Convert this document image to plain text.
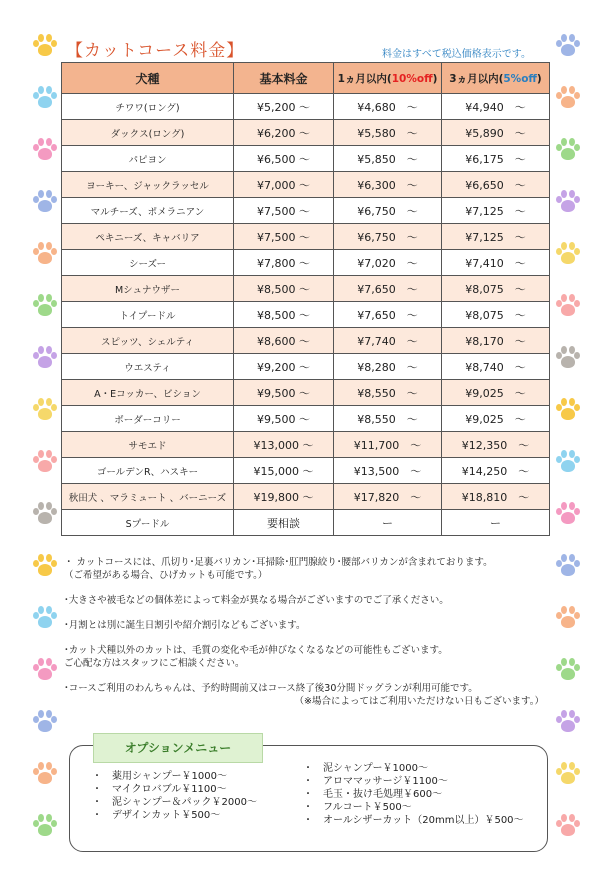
【カットコース料金】	料金はすべて税込価格表示です。
犬種	基本料金	1ヵ月以内(10%off)	3ヵ月以内(5%off)
チワワ(ロング)	¥5,200 ～	¥4,680　～	¥4,940　～
ダックス(ロング)	¥6,200 ～	¥5,580　～	¥5,890　～
パピヨン	¥6,500 ～	¥5,850　～	¥6,175　～
ヨーキー、ジャックラッセル	¥7,000 ～	¥6,300　～	¥6,650　～
マルチーズ、ポメラニアン	¥7,500 ～	¥6,750　～	¥7,125　～
ペキニーズ、キャバリア	¥7,500 ～	¥6,750　～	¥7,125　～
シーズー	¥7,800 ～	¥7,020　～	¥7,410　～
Mシュナウザー	¥8,500 ～	¥7,650　～	¥8,075　～
トイプードル	¥8,500 ～	¥7,650　～	¥8,075　～
スピッツ、シェルティ	¥8,600 ～	¥7,740　～	¥8,170　～
ウエスティ	¥9,200 ～	¥8,280　～	¥8,740　～
A・Eコッカー、ビション	¥9,500 ～	¥8,550　～	¥9,025　～
ボーダーコリー	¥9,500 ～	¥8,550　～	¥9,025　～
サモエド	¥13,000 ～	¥11,700　～	¥12,350　～
ゴールデンR、ハスキー	¥15,000 ～	¥13,500　～	¥14,250　～
秋田犬 、マラミュート 、バーニーズ	¥19,800 ～	¥17,820　～	¥18,810　～
Sプードル	要相談	ー	ー

・ カットコースには、爪切り･足裏バリカン･耳掃除･肛門腺絞り･腰部バリカンが含まれております。
（ご希望がある場合、ひげカットも可能です。）

･大きさや被毛などの個体差によって料金が異なる場合がございますのでご了承ください。

･月割とは別に誕生日割引や紹介割引などもございます。

･カット犬種以外のカットは、毛質の変化や毛が伸びなくなるなどの可能性もございます。
ご心配な方はスタッフにご相談ください。

･コースご利用のわんちゃんは、予約時間前又はコース終了後30分間ドッグランが利用可能です。

（※場合によってはご利用いただけない日もございます。）
オプションメニュー
・　薬用シャンプー￥1000～
・　マイクロバブル￥1100～
・　泥シャンプー＆パック￥2000～
・　デザインカット￥500～
・　泥シャンプー￥1000～
・　アロママッサージ￥1100～
・　毛玉・抜け毛処理￥600～
・　フルコート￥500～
・　オールシザーカット（20mm以上）￥500～
